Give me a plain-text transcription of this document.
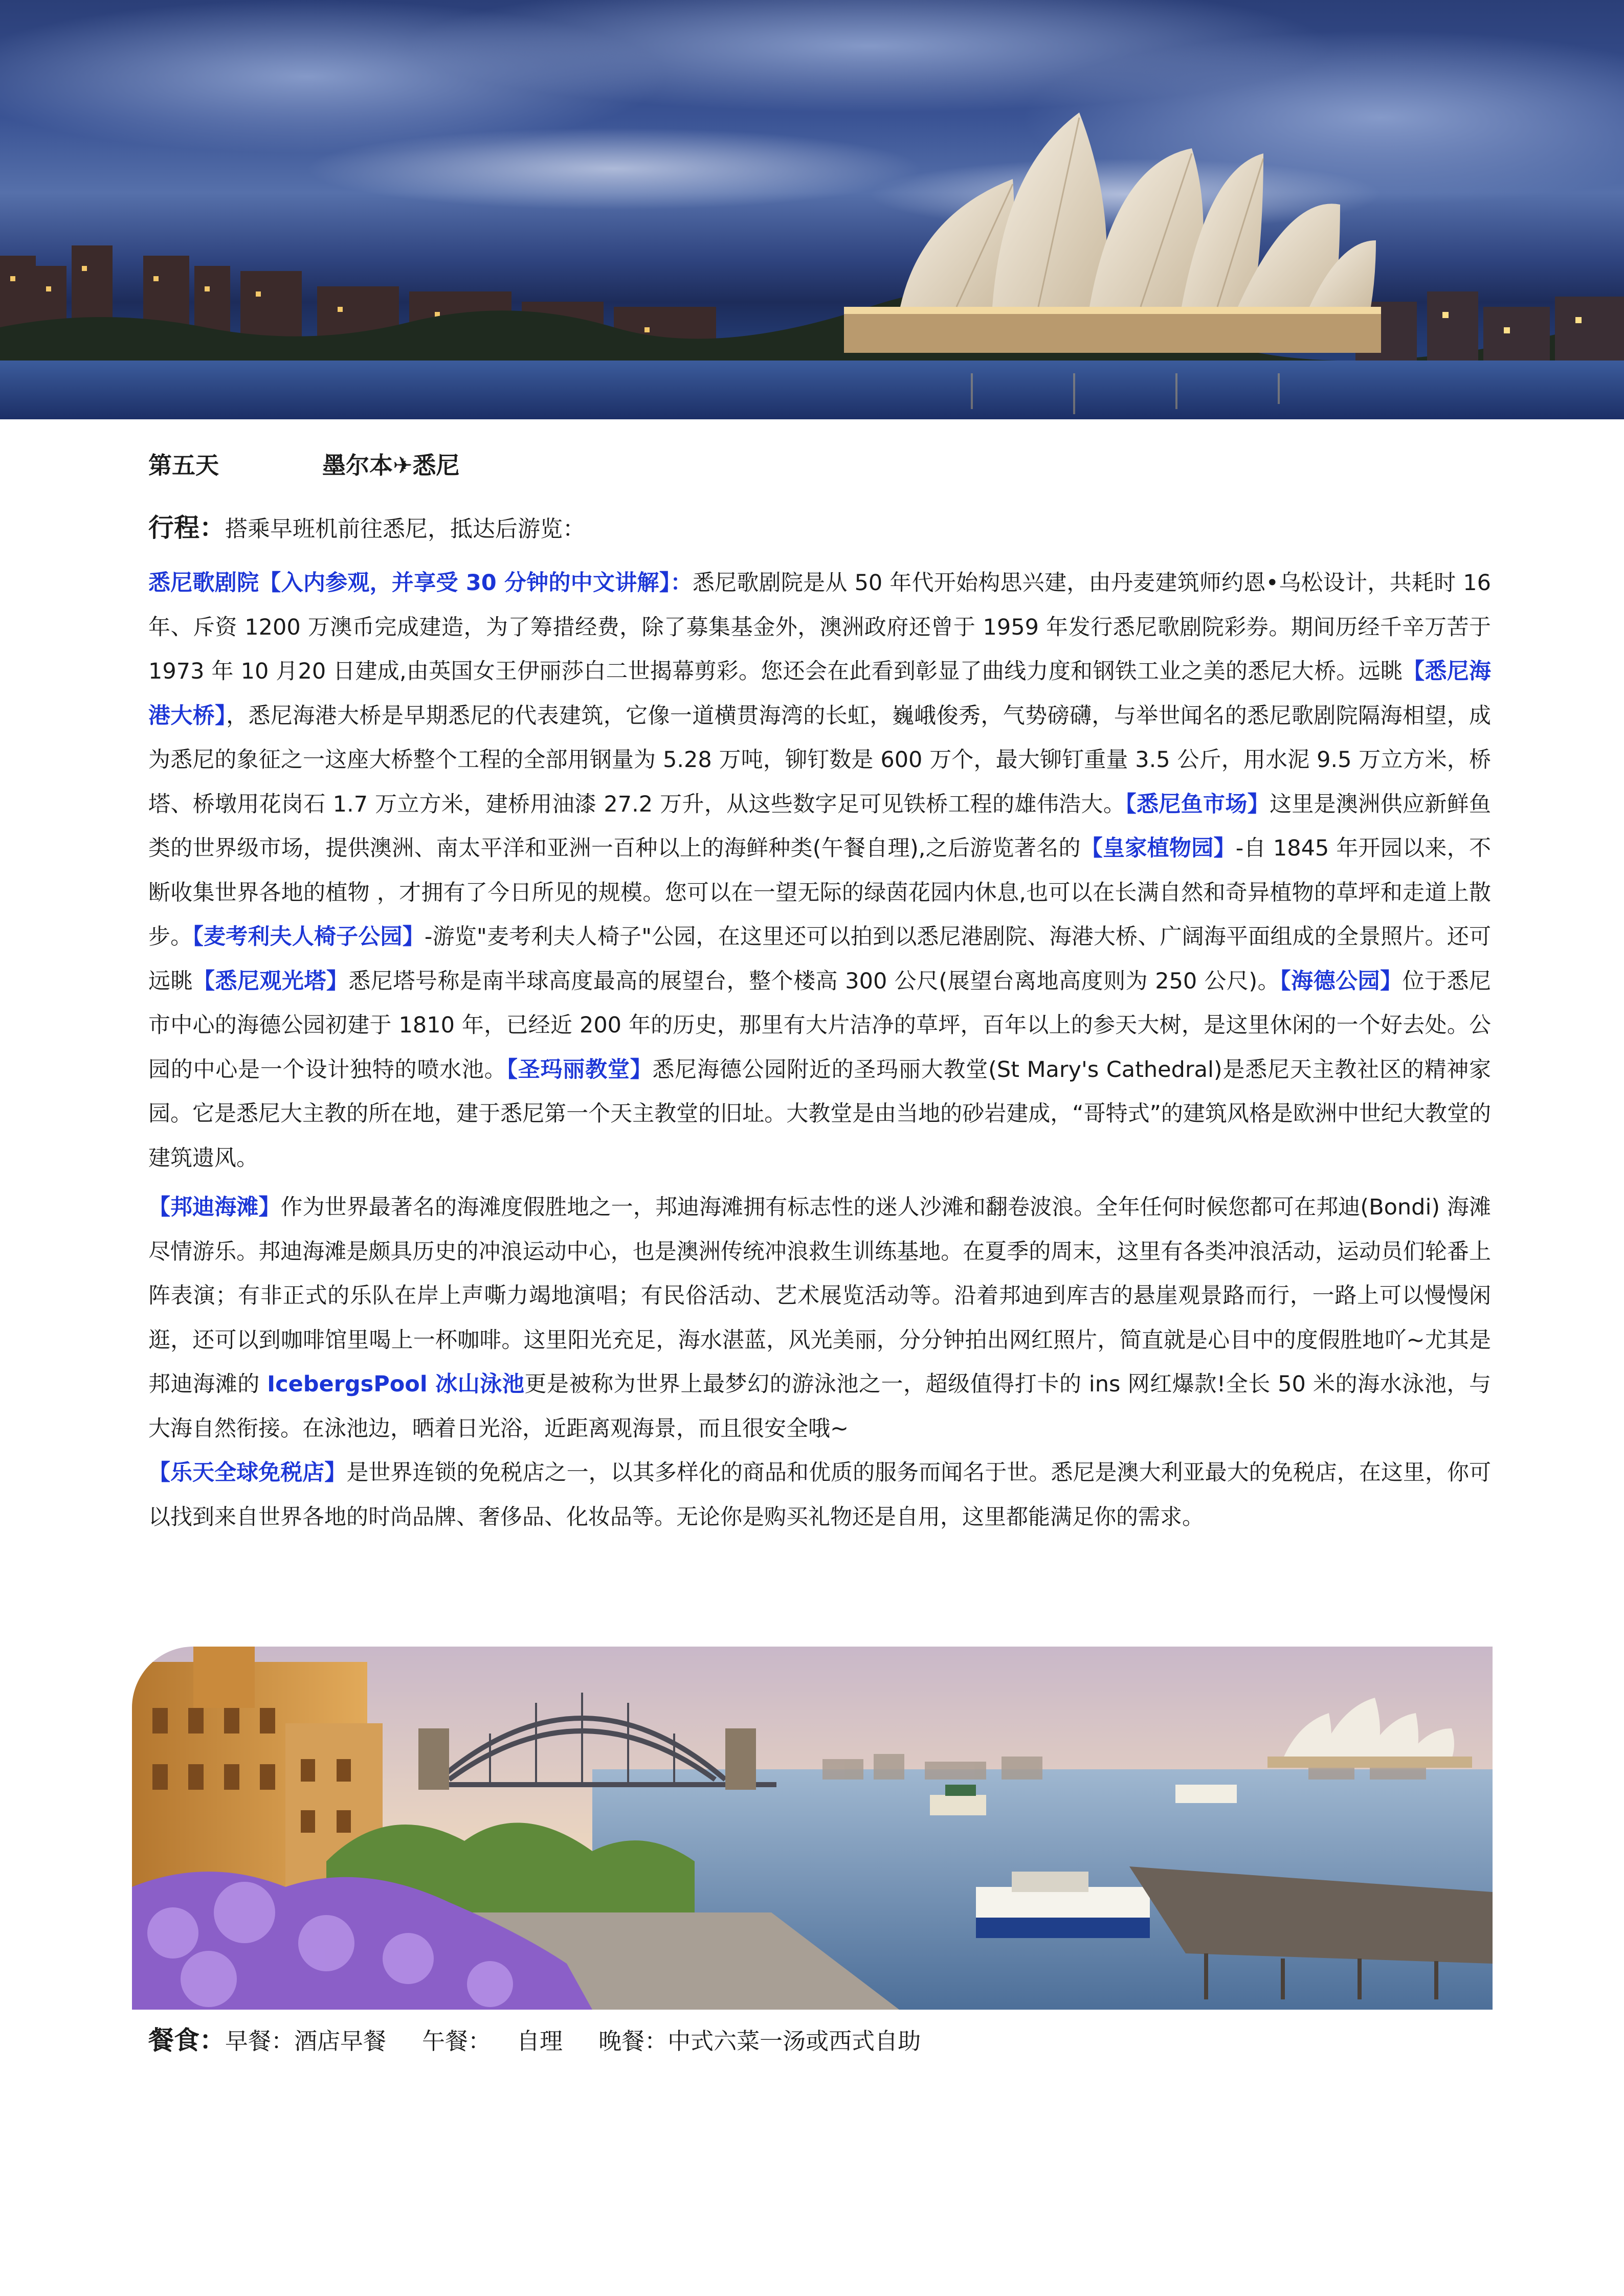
第五天	墨尔本✈悉尼
行程：搭乘早班机前往悉尼，抵达后游览：
悉尼歌剧院【入内参观，并享受 30 分钟的中文讲解】：悉尼歌剧院是从 50 年代开始构思兴建，由丹麦建筑师约恩•乌松设计，共耗时 16 年、斥资 1200 万澳币完成建造，为了筹措经费，除了募集基金外，澳洲政府还曾于 1959 年发行悉尼歌剧院彩券。期间历经千辛万苦于 1973 年 10 月20 日建成,由英国女王伊丽莎白二世揭幕剪彩。您还会在此看到彰显了曲线力度和钢铁工业之美的悉尼大桥。远眺【悉尼海港大桥】，悉尼海港大桥是早期悉尼的代表建筑，它像一道横贯海湾的长虹，巍峨俊秀，气势磅礴，与举世闻名的悉尼歌剧院隔海相望，成为悉尼的象征之一这座大桥整个工程的全部用钢量为 5.28 万吨，铆钉数是 600 万个，最大铆钉重量 3.5 公斤，用水泥 9.5 万立方米，桥塔、桥墩用花岗石 1.7 万立方米，建桥用油漆 27.2 万升，从这些数字足可见铁桥工程的雄伟浩大。【悉尼鱼市场】这里是澳洲供应新鲜鱼类的世界级市场，提供澳洲、南太平洋和亚洲一百种以上的海鲜种类(午餐自理),之后游览著名的【皇家植物园】-自 1845 年开园以来，不断收集世界各地的植物 ，才拥有了今日所见的规模。您可以在一望无际的绿茵花园内休息,也可以在长满自然和奇异植物的草坪和走道上散步。【麦考利夫人椅子公园】-游览"麦考利夫人椅子"公园，在这里还可以拍到以悉尼港剧院、海港大桥、广阔海平面组成的全景照片。还可远眺【悉尼观光塔】悉尼塔号称是南半球高度最高的展望台，整个楼高 300 公尺(展望台离地高度则为 250 公尺)。【海德公园】位于悉尼市中心的海德公园初建于 1810 年，已经近 200 年的历史，那里有大片洁净的草坪，百年以上的参天大树，是这里休闲的一个好去处。公园的中心是一个设计独特的喷水池。【圣玛丽教堂】悉尼海德公园附近的圣玛丽大教堂(St Mary's Cathedral)是悉尼天主教社区的精神家园。它是悉尼大主教的所在地，建于悉尼第一个天主教堂的旧址。大教堂是由当地的砂岩建成，“哥特式”的建筑风格是欧洲中世纪大教堂的建筑遗风。
【邦迪海滩】作为世界最著名的海滩度假胜地之一，邦迪海滩拥有标志性的迷人沙滩和翻卷波浪。全年任何时候您都可在邦迪(Bondi) 海滩尽情游乐。邦迪海滩是颇具历史的冲浪运动中心，也是澳洲传统冲浪救生训练基地。在夏季的周末，这里有各类冲浪活动，运动员们轮番上阵表演；有非正式的乐队在岸上声嘶力竭地演唱；有民俗活动、艺术展览活动等。沿着邦迪到库吉的悬崖观景路而行，一路上可以慢慢闲逛，还可以到咖啡馆里喝上一杯咖啡。这里阳光充足，海水湛蓝，风光美丽，分分钟拍出网红照片，简直就是心目中的度假胜地吖~尤其是邦迪海滩的 IcebergsPool 冰山泳池更是被称为世界上最梦幻的游泳池之一，超级值得打卡的 ins 网红爆款!全长 50 米的海水泳池，与大海自然衔接。在泳池边，晒着日光浴，近距离观海景，而且很安全哦~
【乐天全球免税店】是世界连锁的免税店之一，以其多样化的商品和优质的服务而闻名于世。悉尼是澳大利亚最大的免税店，在这里，你可以找到来自世界各地的时尚品牌、奢侈品、化妆品等。无论你是购买礼物还是自用，这里都能满足你的需求。
餐食：早餐：酒店早餐 午餐： 自理 晚餐：中式六菜一汤或西式自助
